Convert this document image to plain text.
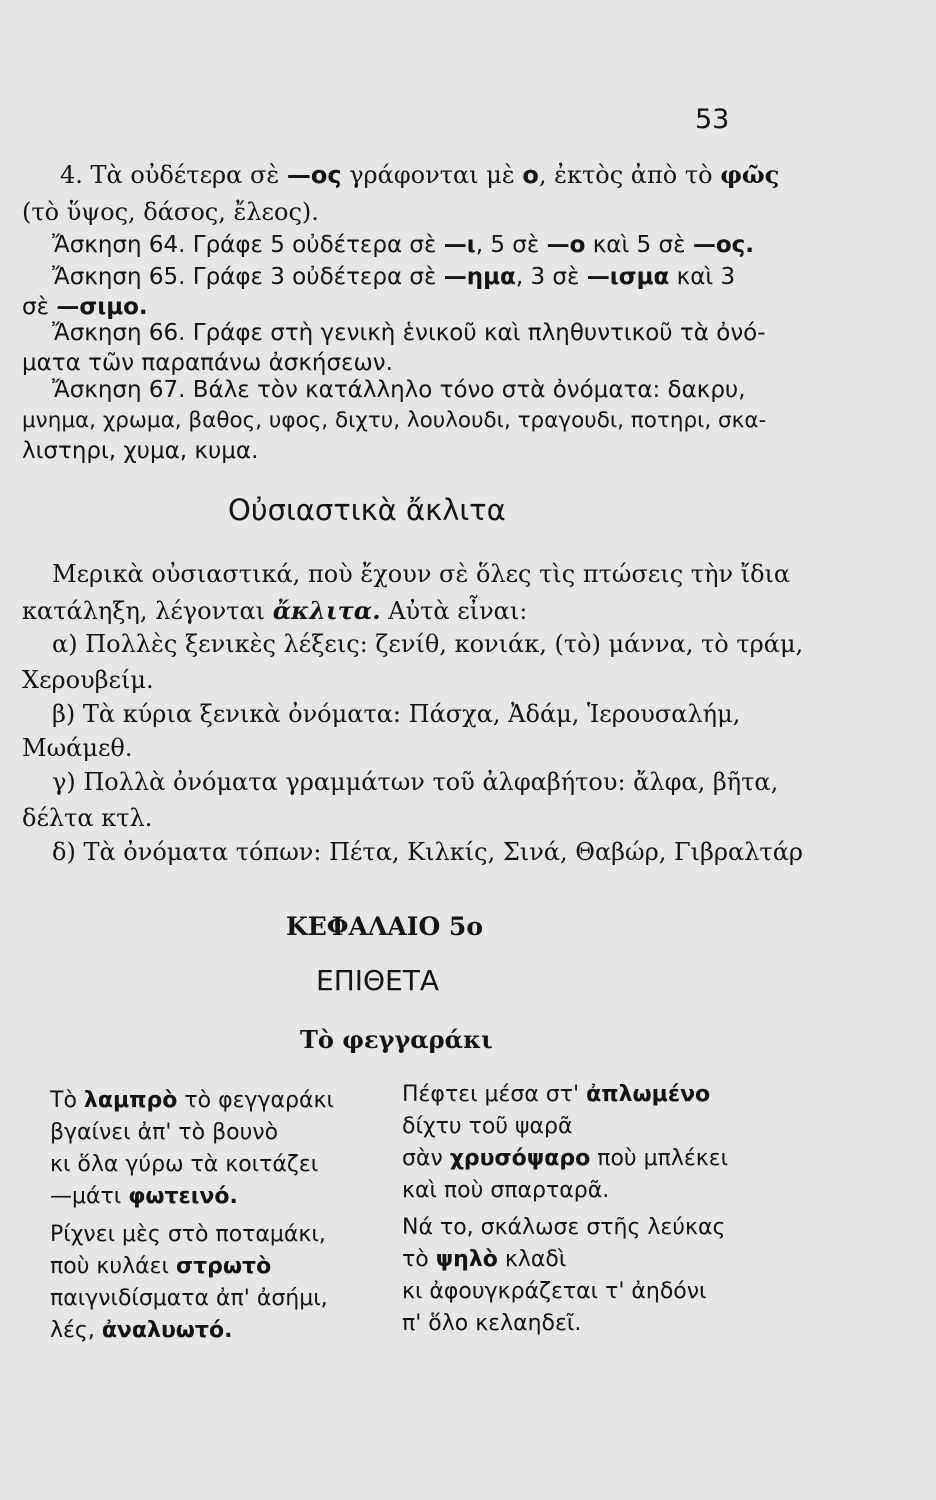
53
4. Τὰ οὐδέτερα σὲ —ος γράφονται μὲ ο, ἐκτὸς ἀπὸ τὸ φῶς
(τὸ ὕψος, δάσος, ἔλεος).
Ἄσκηση 64. Γράφε 5 οὐδέτερα σὲ —ι, 5 σὲ —ο καὶ 5 σὲ —ος.
Ἄσκηση 65. Γράφε 3 οὐδέτερα σὲ —ημα, 3 σὲ —ισμα καὶ 3
σὲ —σιμο.
Ἄσκηση 66. Γράφε στὴ γενικὴ ἑνικοῦ καὶ πληθυντικοῦ τὰ ὀνό-
ματα τῶν παραπάνω ἀσκήσεων.
Ἄσκηση 67. Βάλε τὸν κατάλληλο τόνο στὰ ὀνόματα: δακρυ,
μνημα, χρωμα, βαθος, υφος, διχτυ, λουλουδι, τραγουδι, ποτηρι, σκα-
λιστηρι, χυμα, κυμα.
Οὐσιαστικὰ ἄκλιτα
Μερικὰ οὐσιαστικά, ποὺ ἔχουν σὲ ὅλες τὶς πτώσεις τὴν ἴδια
κατάληξη, λέγονται ἄκλιτα. Αὐτὰ εἶναι:
α) Πολλὲς ξενικὲς λέξεις: ζενίθ, κονιάκ, (τὸ) μάννα, τὸ τράμ,
Χερουβείμ.
β) Τὰ κύρια ξενικὰ ὀνόματα: Πάσχα, Ἀδάμ, Ἱερουσαλήμ,
Μωάμεθ.
γ) Πολλὰ ὀνόματα γραμμάτων τοῦ ἀλφαβήτου: ἄλφα, βῆτα,
δέλτα κτλ.
δ) Τὰ ὀνόματα τόπων: Πέτα, Κιλκίς, Σινά, Θαβώρ, Γιβραλτάρ
ΚΕΦΑΛΑΙΟ 5ο
ΕΠΙΘΕΤΑ
Τὸ φεγγαράκι
Τὸ λαμπρὸ τὸ φεγγαράκι
βγαίνει ἀπ' τὸ βουνὸ
κι ὅλα γύρω τὰ κοιτάζει
—μάτι φωτεινό.
Ρίχνει μὲς στὸ ποταμάκι,
ποὺ κυλάει στρωτὸ
παιγνιδίσματα ἀπ' ἀσήμι,
λές, ἀναλυωτό.
Πέφτει μέσα στ' ἀπλωμένο
δίχτυ τοῦ ψαρᾶ
σὰν χρυσόψαρο ποὺ μπλέκει
καὶ ποὺ σπαρταρᾶ.
Νά το, σκάλωσε στῆς λεύκας
τὸ ψηλὸ κλαδὶ
κι ἀφουγκράζεται τ' ἀηδόνι
π' ὅλο κελαηδεῖ.
